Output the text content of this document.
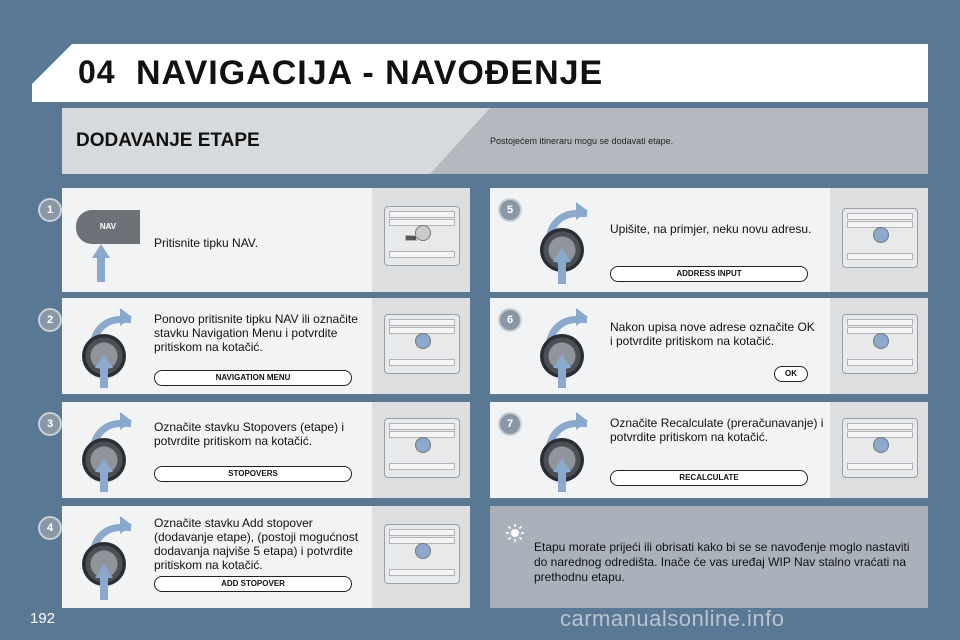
04 NAVIGACIJA - NAVOĐENJE
DODAVANJE ETAPE	Postojećem itineraru mogu se dodavati etape.
NAV
Pritisnite tipku NAV.
1
Ponovo pritisnite tipku NAV ili označite stavku Navigation Menu i potvrdite pritiskom na kotačić.
NAVIGATION MENU
2
Označite stavku Stopovers (etape) i potvrdite pritiskom na kotačić.
STOPOVERS
3
Označite stavku Add stopover (dodavanje etape), (postoji mogućnost dodavanja najviše 5 etapa) i potvrdite pritiskom na kotačić.
ADD STOPOVER
4
Upišite, na primjer, neku novu adresu.
ADDRESS INPUT
5
Nakon upisa nove adrese označite OK i potvrdite pritiskom na kotačić.
OK
6
Označite Recalculate (preračunavanje) i potvrdite pritiskom na kotačić.
RECALCULATE
7
Etapu morate prijeći ili obrisati kako bi se se navođenje moglo nastaviti do narednog odredišta. Inače će vas uređaj WIP Nav stalno vraćati na prethodnu etapu.
192	carmanualsonline.info
